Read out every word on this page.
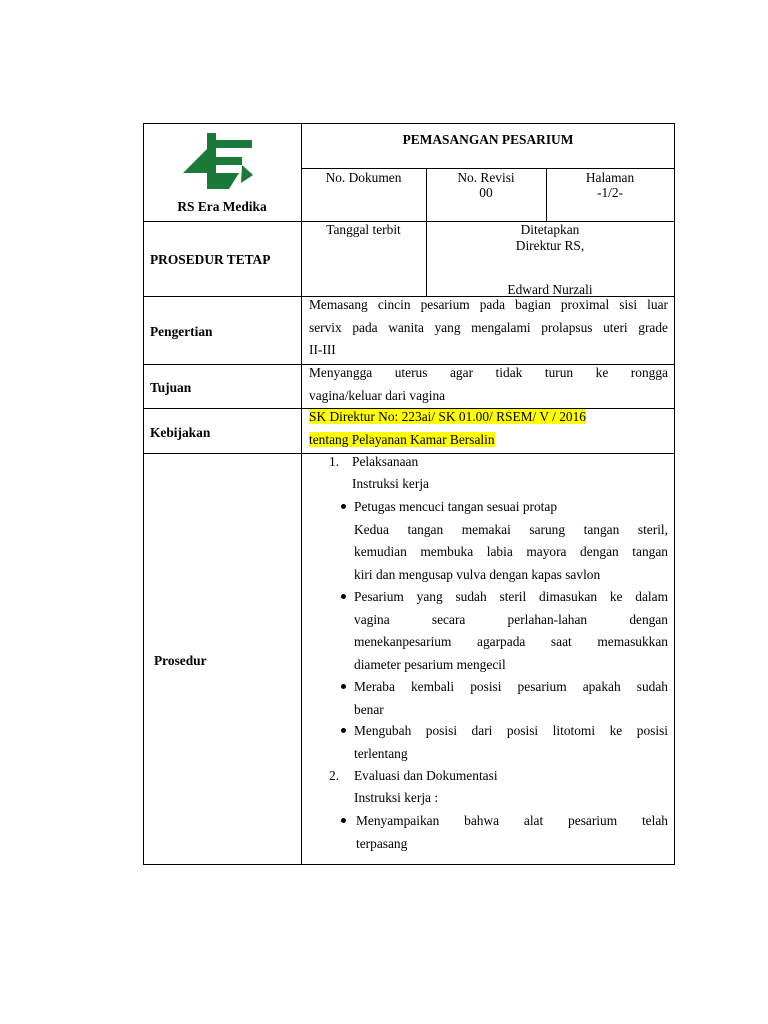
RS Era Medika
PEMASANGAN PESARIUM
No. Dokumen	No. Revisi
00
Halaman
-1/2-
PROSEDUR TETAP
Tanggal terbit	Ditetapkan
Direktur RS,
Edward Nurzali
Pengertian
Memasang cincin pesarium pada bagian proximal sisi luar
servix pada wanita yang mengalami prolapsus uteri grade
II-III
Tujuan
Menyangga uterus agar tidak turun ke rongga
vagina/keluar dari vagina
Kebijakan
SK Direktur No: 223ai/ SK 01.00/ RSEM/ V / 2016
tentang Pelayanan Kamar Bersalin
Prosedur
1. Pelaksanaan
Instruksi kerja
Petugas mencuci tangan sesuai protap
Kedua tangan memakai sarung tangan steril,
kemudian membuka labia mayora dengan tangan
kiri dan mengusap vulva dengan kapas savlon
Pesarium yang sudah steril dimasukan ke dalam
vagina secara perlahan-lahan dengan
menekanpesarium agarpada saat memasukkan
diameter pesarium mengecil
Meraba kembali posisi pesarium apakah sudah
benar
Mengubah posisi dari posisi litotomi ke posisi
terlentang
2. Evaluasi dan Dokumentasi
Instruksi kerja :
Menyampaikan bahwa alat pesarium telah
terpasang
